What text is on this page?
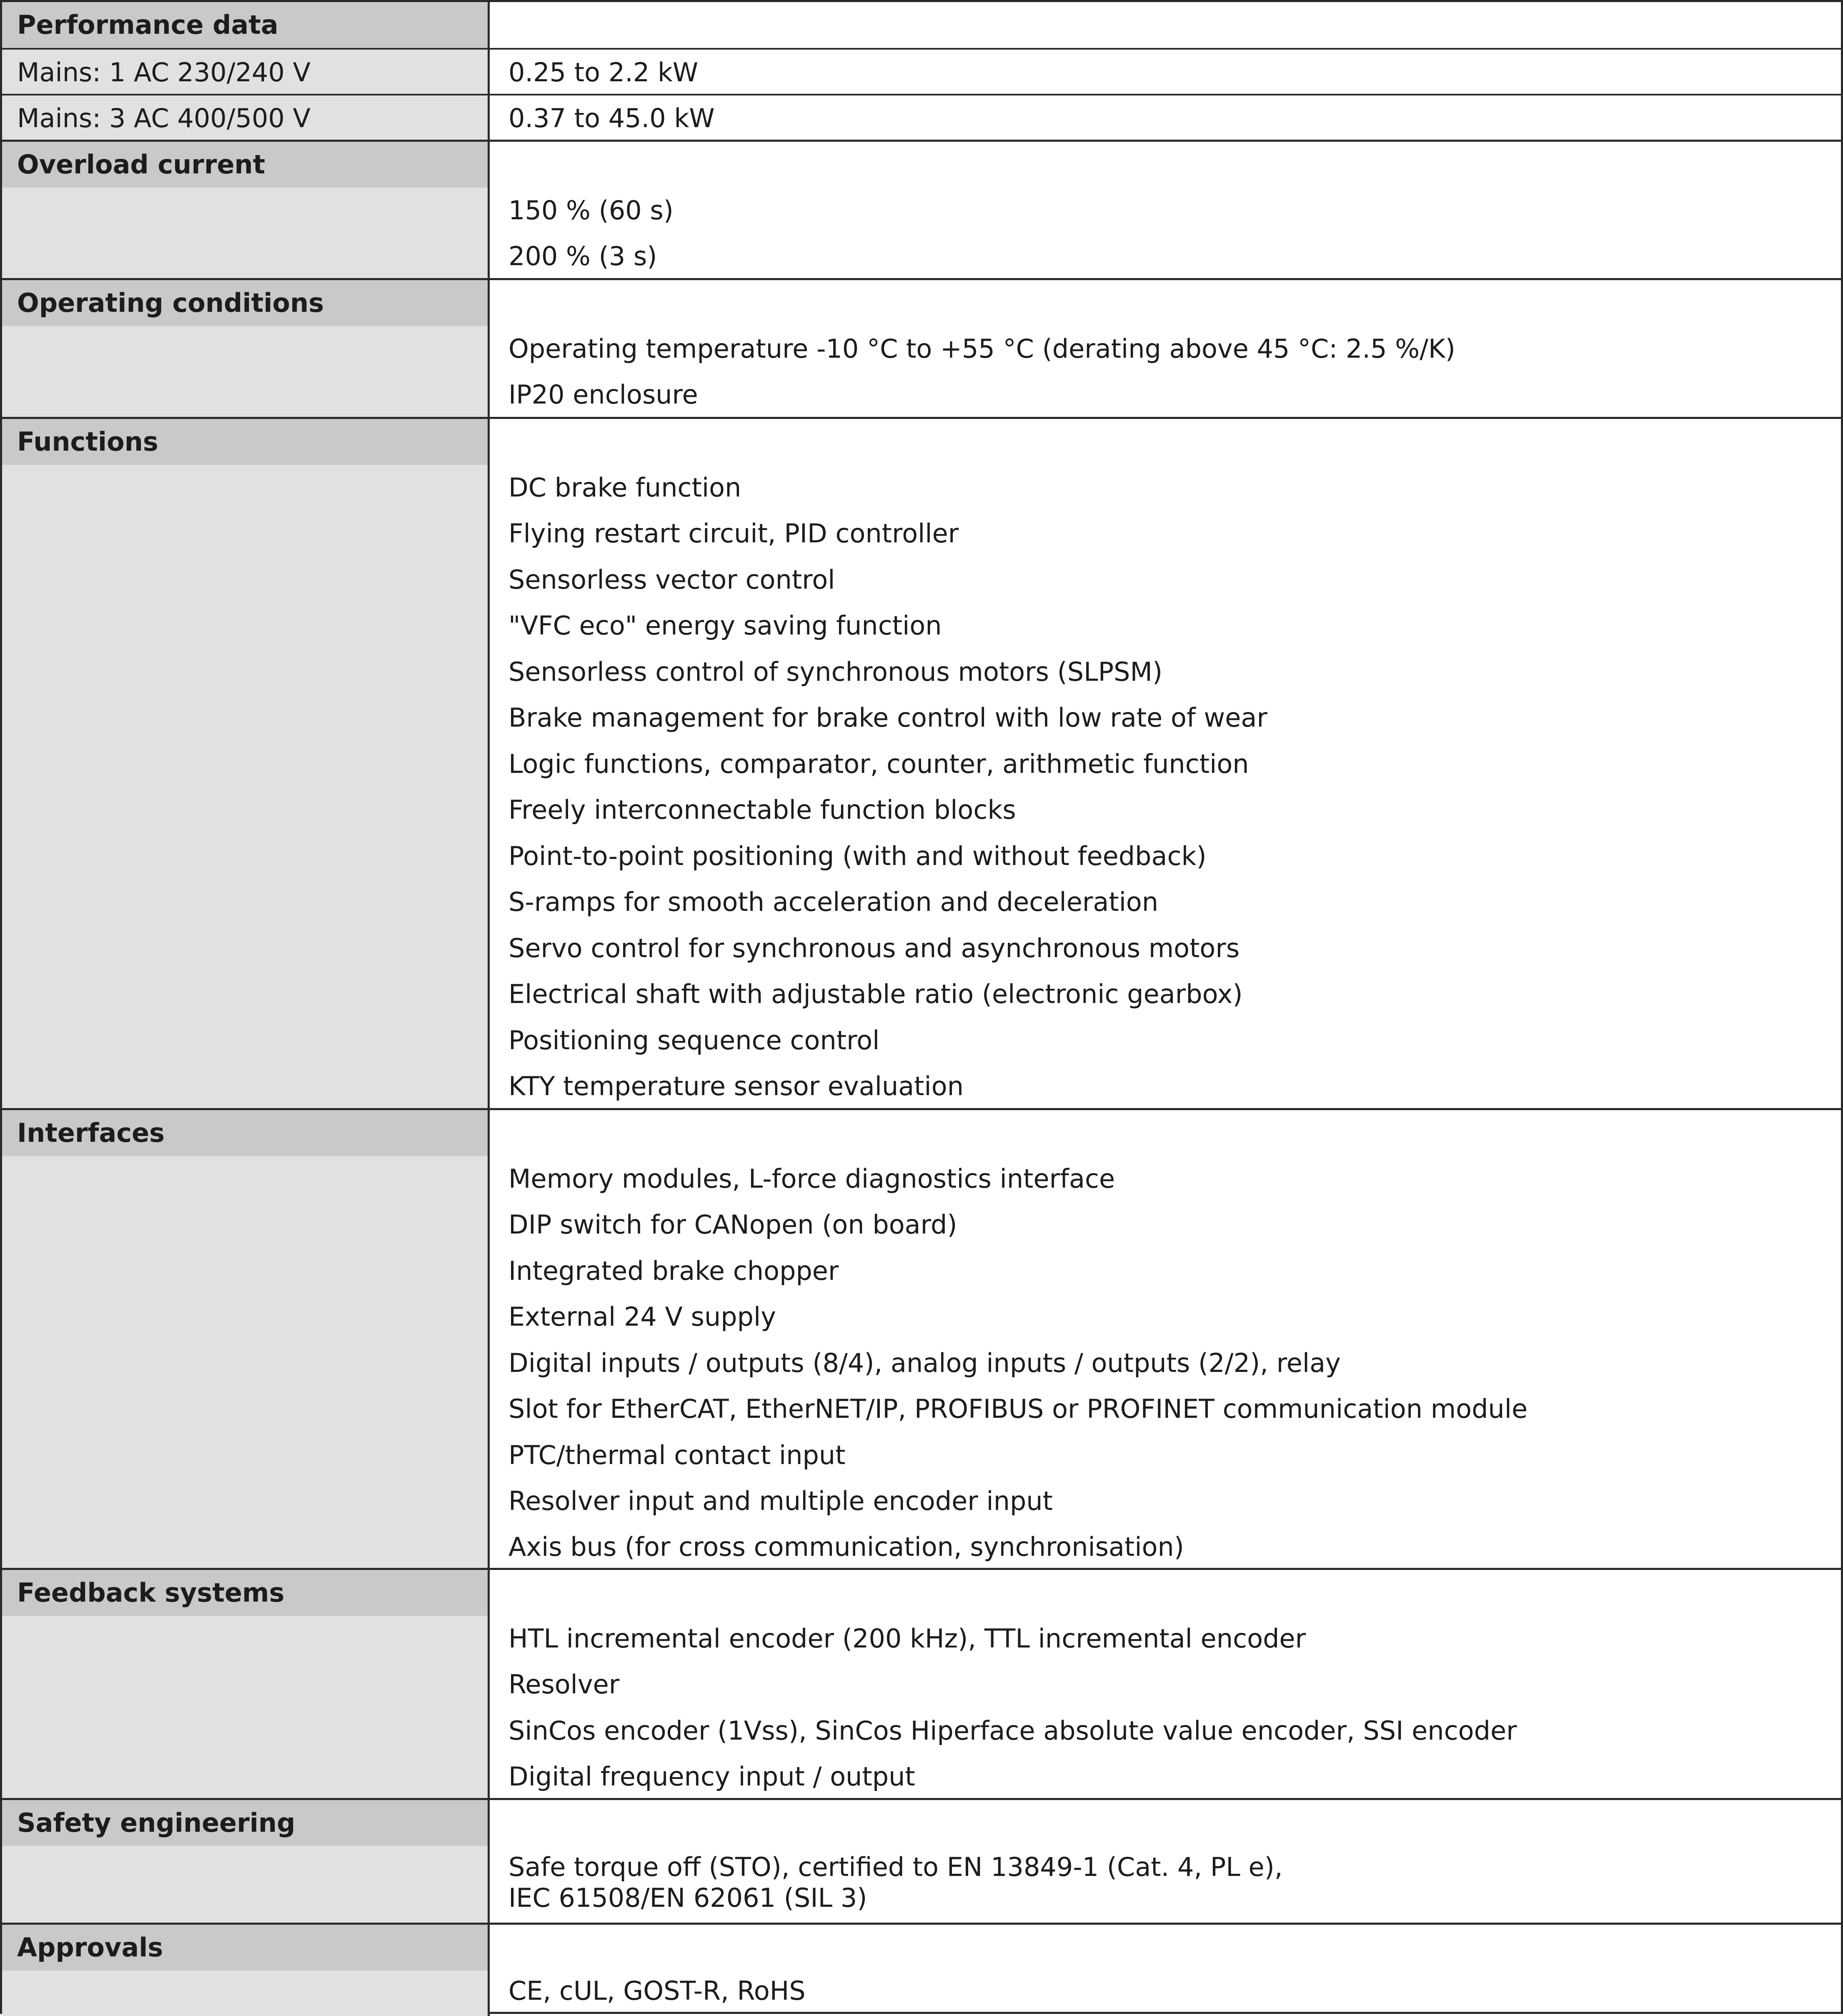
Performance data
Mains: 1 AC 230/240 V	0.25 to 2.2 kW
Mains: 3 AC 400/500 V	0.37 to 45.0 kW
Overload current
150 % (60 s)
200 % (3 s)
Operating conditions
Operating temperature -10 °C to +55 °C (derating above 45 °C: 2.5 %/K)
IP20 enclosure
Functions
DC brake function
Flying restart circuit, PID controller
Sensorless vector control
"VFC eco" energy saving function
Sensorless control of synchronous motors (SLPSM)
Brake management for brake control with low rate of wear
Logic functions, comparator, counter, arithmetic function
Freely interconnectable function blocks
Point-to-point positioning (with and without feedback)
S-ramps for smooth acceleration and deceleration
Servo control for synchronous and asynchronous motors
Electrical shaft with adjustable ratio (electronic gearbox)
Positioning sequence control
KTY temperature sensor evaluation
Interfaces
Memory modules, L-force diagnostics interface
DIP switch for CANopen (on board)
Integrated brake chopper
External 24 V supply
Digital inputs / outputs (8/4), analog inputs / outputs (2/2), relay
Slot for EtherCAT, EtherNET/IP, PROFIBUS or PROFINET communication module
PTC/thermal contact input
Resolver input and multiple encoder input
Axis bus (for cross communication, synchronisation)
Feedback systems
HTL incremental encoder (200 kHz), TTL incremental encoder
Resolver
SinCos encoder (1Vss), SinCos Hiperface absolute value encoder, SSI encoder
Digital frequency input / output
Safety engineering
Safe torque off (STO), certified to EN 13849-1 (Cat. 4, PL e),
IEC 61508/EN 62061 (SIL 3)
Approvals
CE, cUL, GOST-R, RoHS
